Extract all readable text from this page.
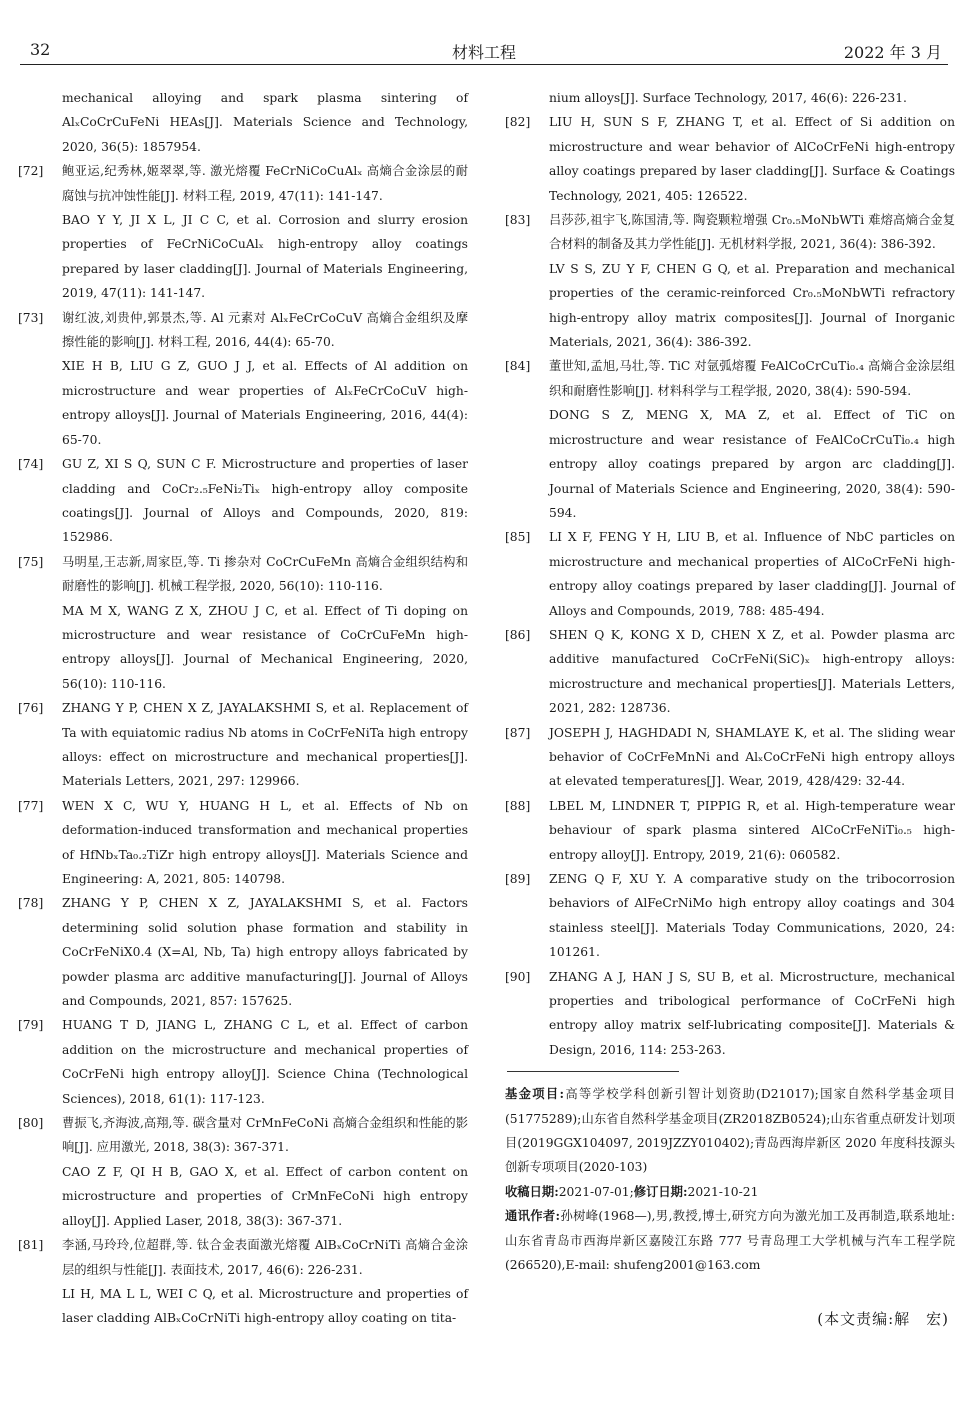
32	材料工程	2022 年 3 月
mechanical alloying and spark plasma sintering of AlₓCoCrCuFeNi HEAs[J]. Materials Science and Technology, 2020, 36(5): 1857954.
[72] 鲍亚运,纪秀林,姬翠翠,等. 激光熔覆 FeCrNiCoCuAlₓ 高熵合金涂层的耐腐蚀与抗冲蚀性能[J]. 材料工程, 2019, 47(11): 141-147.
BAO Y Y, JI X L, JI C C, et al. Corrosion and slurry erosion properties of FeCrNiCoCuAlₓ high-entropy alloy coatings prepared by laser cladding[J]. Journal of Materials Engineering, 2019, 47(11): 141-147.
[73] 谢红波,刘贵仲,郭景杰,等. Al 元素对 AlₓFeCrCoCuV 高熵合金组织及摩擦性能的影响[J]. 材料工程, 2016, 44(4): 65-70.
XIE H B, LIU G Z, GUO J J, et al. Effects of Al addition on microstructure and wear properties of AlₓFeCrCoCuV high-entropy alloys[J]. Journal of Materials Engineering, 2016, 44(4): 65-70.
[74] GU Z, XI S Q, SUN C F. Microstructure and properties of laser cladding and CoCr₂.₅FeNi₂Tiₓ high-entropy alloy composite coatings[J]. Journal of Alloys and Compounds, 2020, 819: 152986.
[75] 马明星,王志新,周家臣,等. Ti 掺杂对 CoCrCuFeMn 高熵合金组织结构和耐磨性的影响[J]. 机械工程学报, 2020, 56(10): 110-116.
MA M X, WANG Z X, ZHOU J C, et al. Effect of Ti doping on microstructure and wear resistance of CoCrCuFeMn high-entropy alloys[J]. Journal of Mechanical Engineering, 2020, 56(10): 110-116.
[76] ZHANG Y P, CHEN X Z, JAYALAKSHMI S, et al. Replacement of Ta with equiatomic radius Nb atoms in CoCrFeNiTa high entropy alloys: effect on microstructure and mechanical properties[J]. Materials Letters, 2021, 297: 129966.
[77] WEN X C, WU Y, HUANG H L, et al. Effects of Nb on deformation-induced transformation and mechanical properties of HfNbₓTa₀.₂TiZr high entropy alloys[J]. Materials Science and Engineering: A, 2021, 805: 140798.
[78] ZHANG Y P, CHEN X Z, JAYALAKSHMI S, et al. Factors determining solid solution phase formation and stability in CoCrFeNiX0.4 (X=Al, Nb, Ta) high entropy alloys fabricated by powder plasma arc additive manufacturing[J]. Journal of Alloys and Compounds, 2021, 857: 157625.
[79] HUANG T D, JIANG L, ZHANG C L, et al. Effect of carbon addition on the microstructure and mechanical properties of CoCrFeNi high entropy alloy[J]. Science China (Technological Sciences), 2018, 61(1): 117-123.
[80] 曹振飞,齐海波,高翔,等. 碳含量对 CrMnFeCoNi 高熵合金组织和性能的影响[J]. 应用激光, 2018, 38(3): 367-371.
CAO Z F, QI H B, GAO X, et al. Effect of carbon content on microstructure and properties of CrMnFeCoNi high entropy alloy[J]. Applied Laser, 2018, 38(3): 367-371.
[81] 李涵,马玲玲,位超群,等. 钛合金表面激光熔覆 AlBₓCoCrNiTi 高熵合金涂层的组织与性能[J]. 表面技术, 2017, 46(6): 226-231.
LI H, MA L L, WEI C Q, et al. Microstructure and properties of laser cladding AlBₓCoCrNiTi high-entropy alloy coating on tita-
nium alloys[J]. Surface Technology, 2017, 46(6): 226-231.
[82] LIU H, SUN S F, ZHANG T, et al. Effect of Si addition on microstructure and wear behavior of AlCoCrFeNi high-entropy alloy coatings prepared by laser cladding[J]. Surface & Coatings Technology, 2021, 405: 126522.
[83] 吕莎莎,祖宇飞,陈国清,等. 陶瓷颗粒增强 Cr₀.₅MoNbWTi 难熔高熵合金复合材料的制备及其力学性能[J]. 无机材料学报, 2021, 36(4): 386-392.
LV S S, ZU Y F, CHEN G Q, et al. Preparation and mechanical properties of the ceramic-reinforced Cr₀.₅MoNbWTi refractory high-entropy alloy matrix composites[J]. Journal of Inorganic Materials, 2021, 36(4): 386-392.
[84] 董世知,孟旭,马壮,等. TiC 对氩弧熔覆 FeAlCoCrCuTi₀.₄ 高熵合金涂层组织和耐磨性影响[J]. 材料科学与工程学报, 2020, 38(4): 590-594.
DONG S Z, MENG X, MA Z, et al. Effect of TiC on microstructure and wear resistance of FeAlCoCrCuTi₀.₄ high entropy alloy coatings prepared by argon arc cladding[J]. Journal of Materials Science and Engineering, 2020, 38(4): 590-594.
[85] LI X F, FENG Y H, LIU B, et al. Influence of NbC particles on microstructure and mechanical properties of AlCoCrFeNi high-entropy alloy coatings prepared by laser cladding[J]. Journal of Alloys and Compounds, 2019, 788: 485-494.
[86] SHEN Q K, KONG X D, CHEN X Z, et al. Powder plasma arc additive manufactured CoCrFeNi(SiC)ₓ high-entropy alloys: microstructure and mechanical properties[J]. Materials Letters, 2021, 282: 128736.
[87] JOSEPH J, HAGHDADI N, SHAMLAYE K, et al. The sliding wear behavior of CoCrFeMnNi and AlₓCoCrFeNi high entropy alloys at elevated temperatures[J]. Wear, 2019, 428/429: 32-44.
[88] LBEL M, LINDNER T, PIPPIG R, et al. High-temperature wear behaviour of spark plasma sintered AlCoCrFeNiTi₀.₅ high-entropy alloy[J]. Entropy, 2019, 21(6): 060582.
[89] ZENG Q F, XU Y. A comparative study on the tribocorrosion behaviors of AlFeCrNiMo high entropy alloy coatings and 304 stainless steel[J]. Materials Today Communications, 2020, 24: 101261.
[90] ZHANG A J, HAN J S, SU B, et al. Microstructure, mechanical properties and tribological performance of CoCrFeNi high entropy alloy matrix self-lubricating composite[J]. Materials & Design, 2016, 114: 253-263.
基金项目:高等学校学科创新引智计划资助(D21017);国家自然科学基金项目(51775289);山东省自然科学基金项目(ZR2018ZB0524);山东省重点研发计划项目(2019GGX104097, 2019JZZY010402);青岛西海岸新区 2020 年度科技源头创新专项项目(2020-103)
收稿日期:2021-07-01;修订日期:2021-10-21
通讯作者:孙树峰(1968—),男,教授,博士,研究方向为激光加工及再制造,联系地址:山东省青岛市西海岸新区嘉陵江东路 777 号青岛理工大学机械与汽车工程学院(266520),E-mail: shufeng2001@163.com
(本文责编:解　宏)
